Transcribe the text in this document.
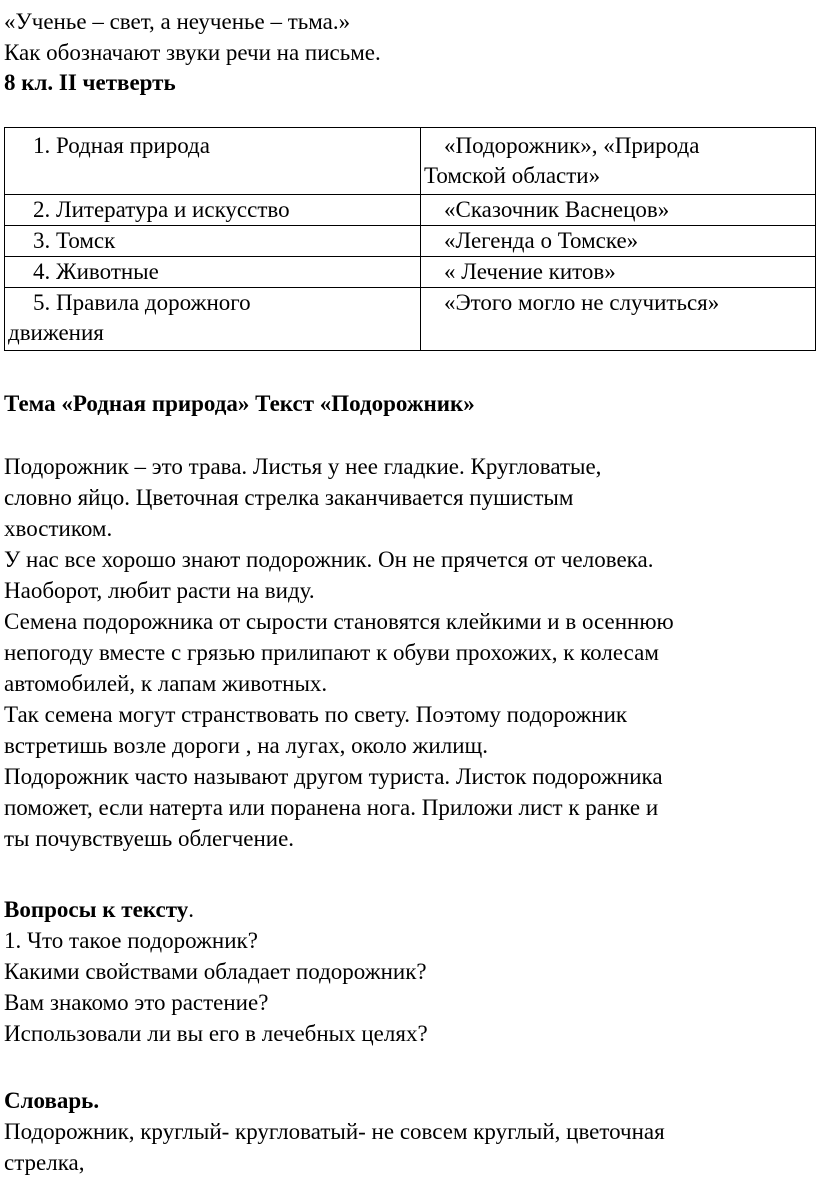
«Ученье – свет, а неученье – тьма.»
Как обозначают звуки речи на письме.
8 кл. II четверть
1. Родная природа	«Подорожник», «Природа
Томской области»

2. Литература и искусство	«Сказочник Васнецов»

3. Томск	«Легенда о Томске»

4. Животные	« Лечение китов»

5. Правила дорожного
движения	«Этого могло не случиться»
Тема «Родная природа» Текст «Подорожник»
Подорожник – это трава. Листья у нее гладкие. Кругловатые,
словно яйцо. Цветочная стрелка заканчивается пушистым
хвостиком.
У нас все хорошо знают подорожник. Он не прячется от человека.
Наоборот, любит расти на виду.
Семена подорожника от сырости становятся клейкими и в осеннюю
непогоду вместе с грязью прилипают к обуви прохожих, к колесам
автомобилей, к лапам животных.
Так семена могут странствовать по свету. Поэтому подорожник
встретишь возле дороги , на лугах, около жилищ.
Подорожник часто называют другом туриста. Листок подорожника
поможет, если натерта или поранена нога. Приложи лист к ранке и
ты почувствуешь облегчение.
Вопросы к тексту.
1. Что такое подорожник?
Какими свойствами обладает подорожник?
Вам знакомо это растение?
Использовали ли вы его в лечебных целях?
Словарь.
Подорожник, круглый- кругловатый- не совсем круглый, цветочная
стрелка,
